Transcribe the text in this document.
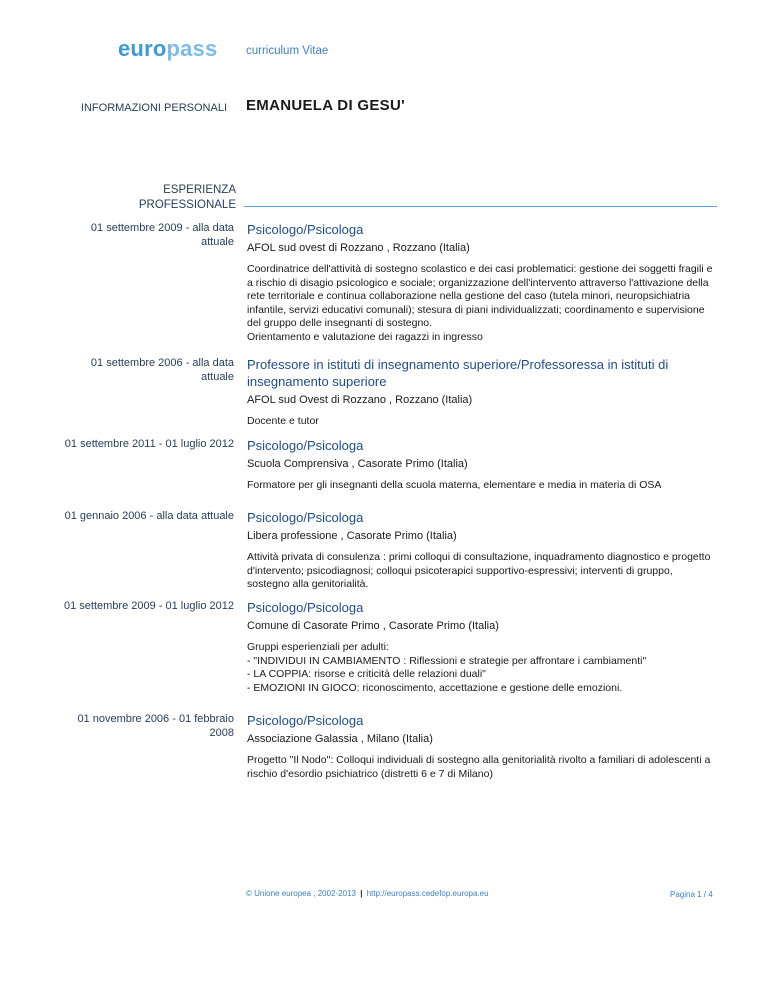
europass curriculum Vitae
INFORMAZIONI PERSONALI EMANUELA DI GESU'
ESPERIENZA
PROFESSIONALE
01 settembre 2009 - alla data attuale

Psicologo/Psicologa

AFOL sud ovest di Rozzano , Rozzano (Italia)

Coordinatrice dell'attività di sostegno scolastico e dei casi problematici: gestione dei soggetti fragili e a rischio di disagio psicologico e sociale; organizzazione dell'intervento attraverso l'attivazione della rete territoriale e continua collaborazione nella gestione del caso (tutela minori, neuropsichiatria infantile, servizi educativi comunali); stesura di piani individualizzati; coordinamento e supervisione del gruppo delle insegnanti di sostegno.
Orientamento e valutazione dei ragazzi in ingresso

01 settembre 2006 - alla data attuale

Professore in istituti di insegnamento superiore/Professoressa in istituti di insegnamento superiore

AFOL sud Ovest di Rozzano , Rozzano (Italia)

Docente e tutor

01 settembre 2011 - 01 luglio 2012 Psicologo/Psicologa

Scuola Comprensiva , Casorate Primo (Italia)

Formatore per gli insegnanti della scuola materna, elementare e media in materia di OSA

01 gennaio 2006 - alla data attuale Psicologo/Psicologa

Libera professione , Casorate Primo (Italia)

Attività privata di consulenza : primi colloqui di consultazione, inquadramento diagnostico e progetto d'intervento; psicodiagnosi; colloqui psicoterapici supportivo-espressivi; interventi di gruppo, sostegno alla genitorialità.

01 settembre 2009 - 01 luglio 2012 Psicologo/Psicologa

Comune di Casorate Primo , Casorate Primo (Italia)

Gruppi esperienziali per adulti:
- "INDIVIDUI IN CAMBIAMENTO : Riflessioni e strategie per affrontare i cambiamenti"
- LA COPPIA: risorse e criticità delle relazioni duali"
- EMOZIONI IN GIOCO: riconoscimento, accettazione e gestione delle emozioni.

01 novembre 2006 - 01 febbraio 2008

Psicologo/Psicologa

Associazione Galassia , Milano (Italia)

Progetto "Il Nodo": Colloqui individuali di sostegno alla genitorialità rivolto a familiari di adolescenti a rischio d'esordio psichiatrico (distretti 6 e 7 di Milano)

© Unione europea , 2002-2013 | http://europass.cedefop.europa.eu	Pagina 1 / 4
